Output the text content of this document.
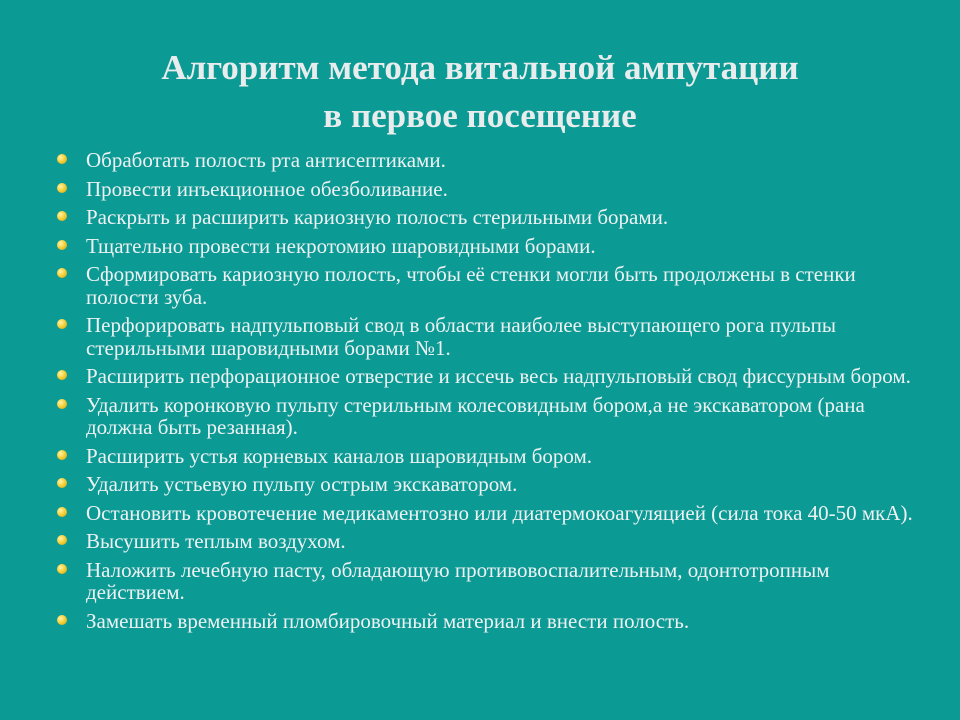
Алгоритм метода витальной ампутации
в первое посещение
Обработать полость рта антисептиками.
Провести инъекционное обезболивание.
Раскрыть и расширить кариозную полость стерильными борами.
Тщательно провести некротомию шаровидными борами.
Сформировать кариозную полость, чтобы её стенки могли быть продолжены в стенки полости зуба.
Перфорировать надпульповый свод в области наиболее выступающего рога пульпы стерильными шаровидными борами №1.
Расширить перфорационное отверстие и иссечь весь надпульповый свод фиссурным бором.
Удалить коронковую пульпу стерильным колесовидным бором,а не экскаватором (рана должна быть резанная).
Расширить устья корневых каналов шаровидным бором.
Удалить устьевую пульпу острым экскаватором.
Остановить кровотечение медикаментозно или диатермокоагуляцией (сила тока 40-50 мкА).
Высушить теплым воздухом.
Наложить лечебную пасту, обладающую противовоспалительным, одонтотропным действием.
Замешать временный пломбировочный материал и внести полость.
